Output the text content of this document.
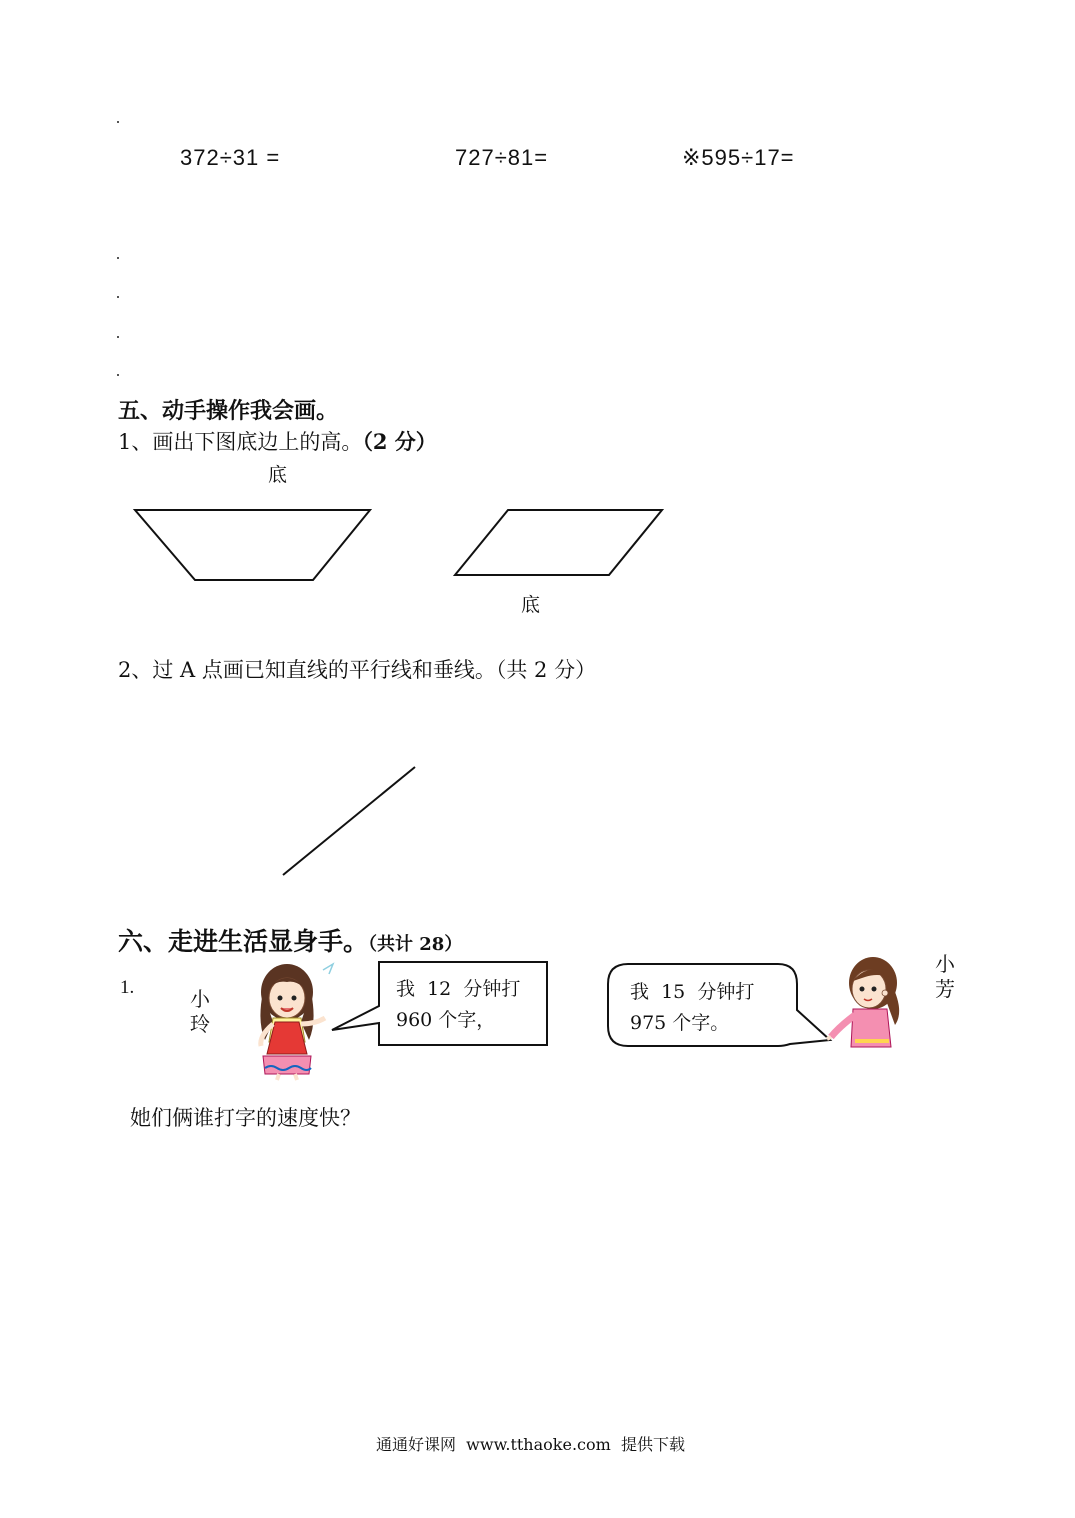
372÷31 =	727÷81=	※595÷17=
五、动手操作我会画。
1、画出下图底边上的高。（2 分）
底
底
2、过 A 点画已知直线的平行线和垂线。（共 2 分）
六、走进生活显身手。（共计 28）
1.	小
玲
我  12  分钟打
960 个字，
我  15  分钟打
975 个字。
小
芳
她们俩谁打字的速度快？
通通好课网  www.tthaoke.com  提供下载
